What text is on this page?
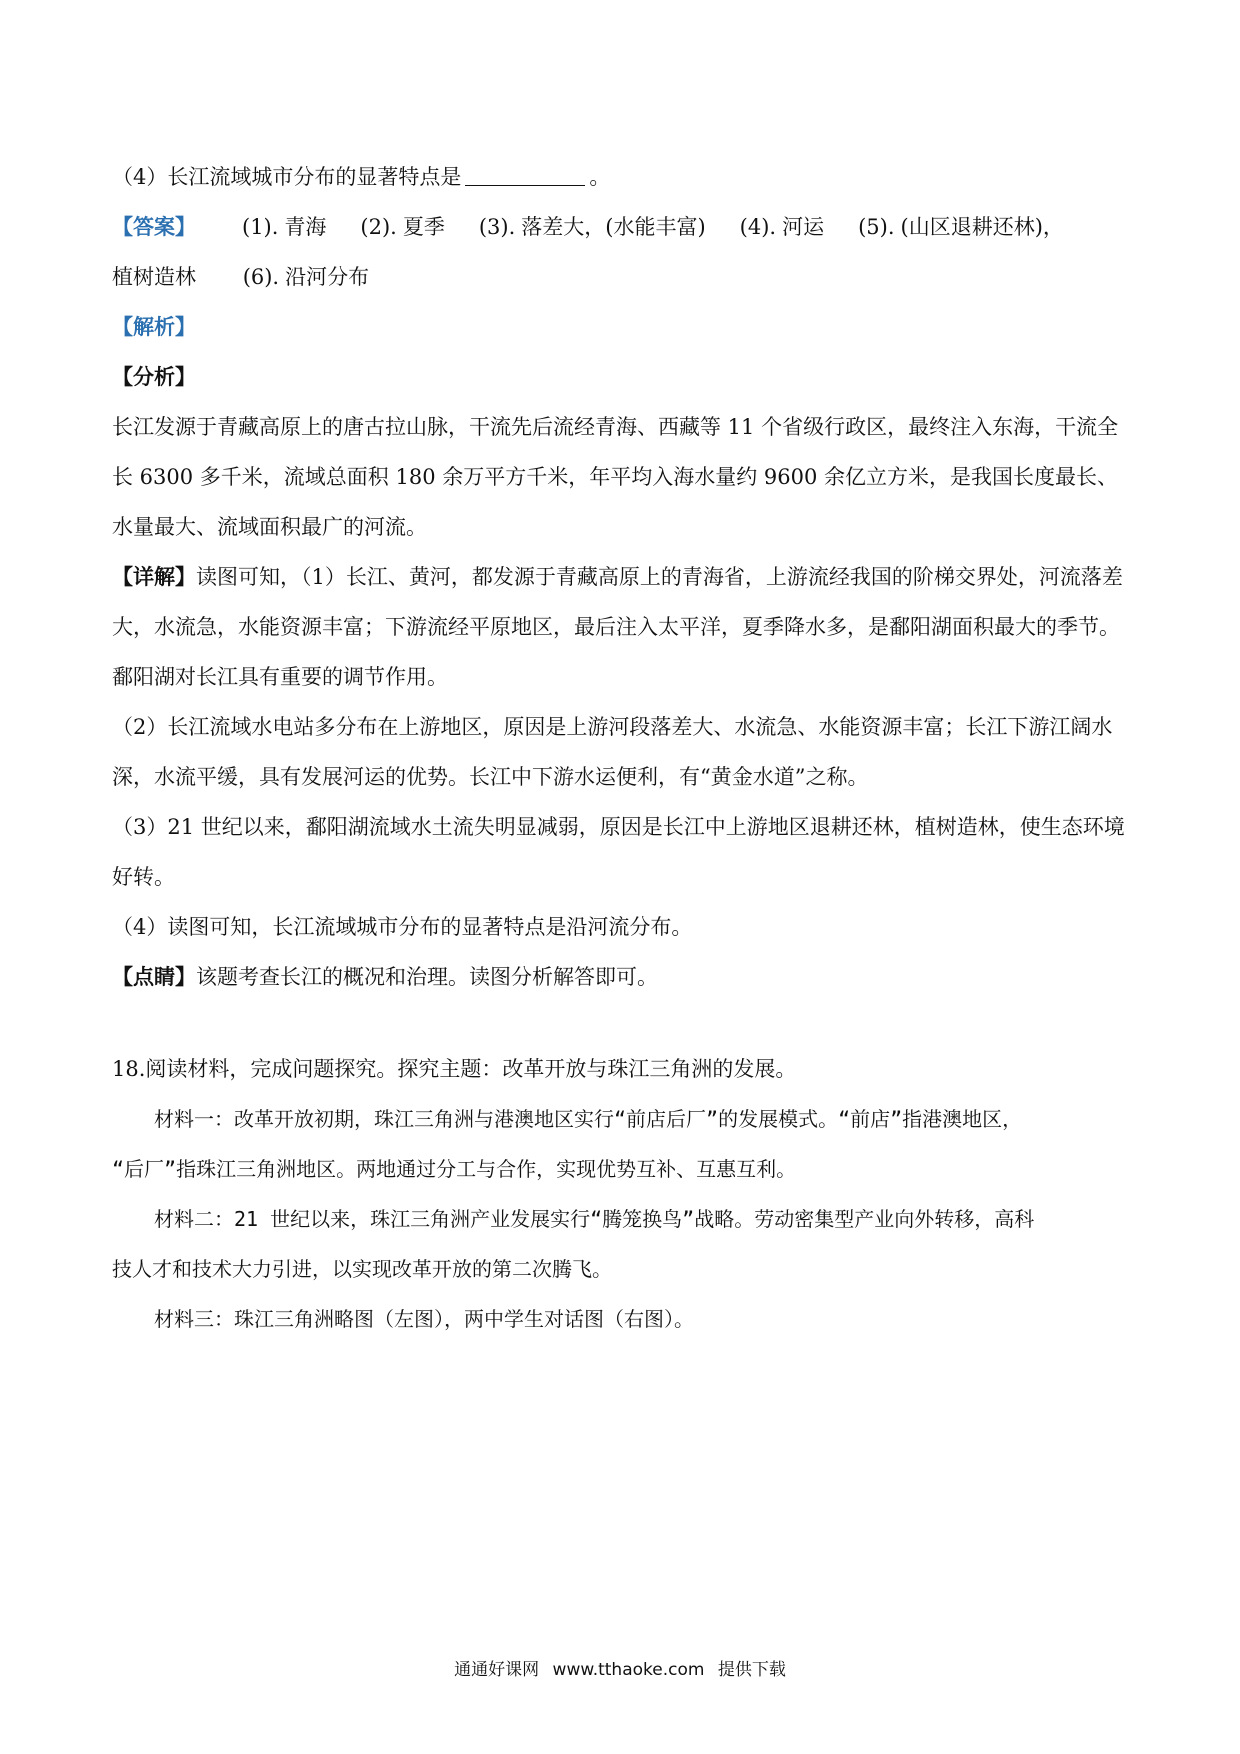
（4）长江流域城市分布的显著特点是	。

【答案】 (1). 青海 (2). 夏季 (3). 落差大，(水能丰富) (4). 河运 (5). (山区退耕还林)，

植树造林 (6). 沿河分布

【解析】

【分析】

长江发源于青藏高原上的唐古拉山脉，干流先后流经青海、西藏等 11 个省级行政区，最终注入东海，干流全长 6300 多千米，流域总面积 180 余万平方千米，年平均入海水量约 9600 余亿立方米，是我国长度最长、水量最大、流域面积最广的河流。

【详解】读图可知，（1）长江、黄河，都发源于青藏高原上的青海省，上游流经我国的阶梯交界处，河流落差大，水流急，水能资源丰富；下游流经平原地区，最后注入太平洋，夏季降水多，是鄱阳湖面积最大的季节。鄱阳湖对长江具有重要的调节作用。

（2）长江流域水电站多分布在上游地区，原因是上游河段落差大、水流急、水能资源丰富；长江下游江阔水深，水流平缓，具有发展河运的优势。长江中下游水运便利，有“黄金水道”之称。

（3）21 世纪以来，鄱阳湖流域水土流失明显减弱，原因是长江中上游地区退耕还林，植树造林，使生态环境好转。

（4）读图可知，长江流域城市分布的显著特点是沿河流分布。

【点睛】该题考查长江的概况和治理。读图分析解答即可。

18.阅读材料，完成问题探究。探究主题：改革开放与珠江三角洲的发展。

材料一：改革开放初期，珠江三角洲与港澳地区实行“前店后厂”的发展模式。“前店”指港澳地区，

“后厂”指珠江三角洲地区。两地通过分工与合作，实现优势互补、互惠互利。

材料二：21 世纪以来，珠江三角洲产业发展实行“腾笼换鸟”战略。劳动密集型产业向外转移，高科

技人才和技术大力引进，以实现改革开放的第二次腾飞。

材料三：珠江三角洲略图（左图），两中学生对话图（右图）。

通通好课网 www.tthaoke.com 提供下载
